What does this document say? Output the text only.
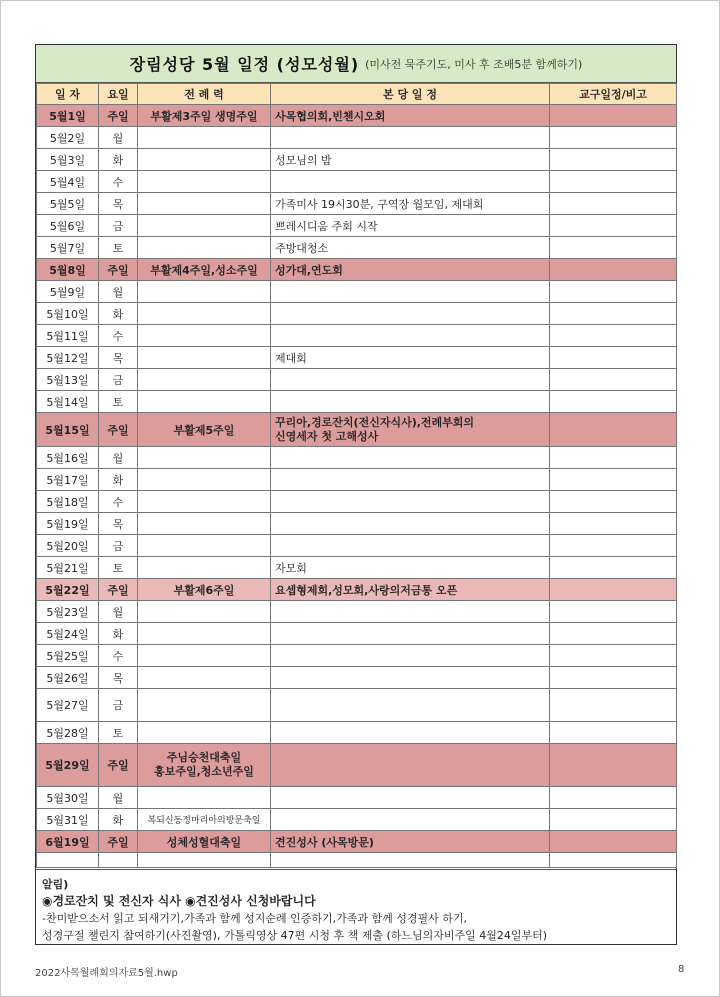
장림성당 5월 일정 (성모성월) (미사전 묵주기도, 미사 후 조배5분 함께하기)
일 자	요일	전 례 력	본 당 일 정	교구일정/비고
5월1일	주일	부활제3주일 생명주일	사목협의회,빈첸시오회	
5월2일	월			
5월3일	화		성모님의 밤	
5월4일	수			
5월5일	목		가족미사 19시30분, 구역장 월모임, 제대회	
5월6일	금		쁘레시디움 주회 시작	
5월7일	토		주방대청소	
5월8일	주일	부활제4주일,성소주일	성가대,연도회	
5월9일	월			
5월10일	화			
5월11일	수			
5월12일	목		제대회	
5월13일	금			
5월14일	토			
5월15일	주일	부활제5주일	꾸리아,경로잔치(전신자식사),전례부회의
신영세자 첫 고해성사	
5월16일	월			
5월17일	화			
5월18일	수			
5월19일	목			
5월20일	금			
5월21일	토		자모회	
5월22일	주일	부활제6주일	요셉형제회,성모회,사랑의저금통 오픈	
5월23일	월			
5월24일	화			
5월25일	수			
5월26일	목			
5월27일	금			
5월28일	토			
5월29일	주일	주님승천대축일
홍보주일,청소년주일		
5월30일	월			
5월31일	화	복되신동정마리아의방문축일		
6월19일	주일	성체성혈대축일	견진성사 (사목방문)	

알림)
◉경로잔치 및 전신자 식사 ◉견진성사 신청바랍니다
-찬미받으소서 읽고 되새기기,가족과 함께 성지순례 인증하기,가족과 함께 성경필사 하기,
성경구절 챌린지 참여하기(사진촬영), 가톨릭영상 47편 시청 후 책 제출 (하느님의자비주일 4월24일부터)
2022사목월례회의자료5월.hwp	8
